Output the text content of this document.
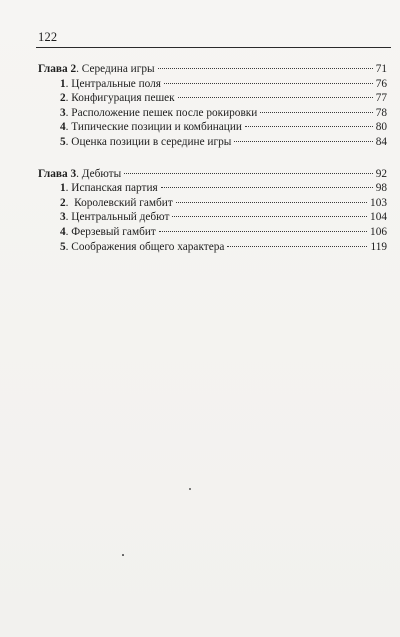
122
Глава 2. Середина игры	71
1. Центральные поля	76
2. Конфигурация пешек	77
3. Расположение пешек после рокировки	78
4. Типические позиции и комбинации	80
5. Оценка позиции в середине игры	84
Глава 3. Дебюты	92
1. Испанская партия	98
2.  Королевский гамбит	103
3. Центральный дебют	104
4. Ферзевый гамбит	106
5. Соображения общего характера	119
